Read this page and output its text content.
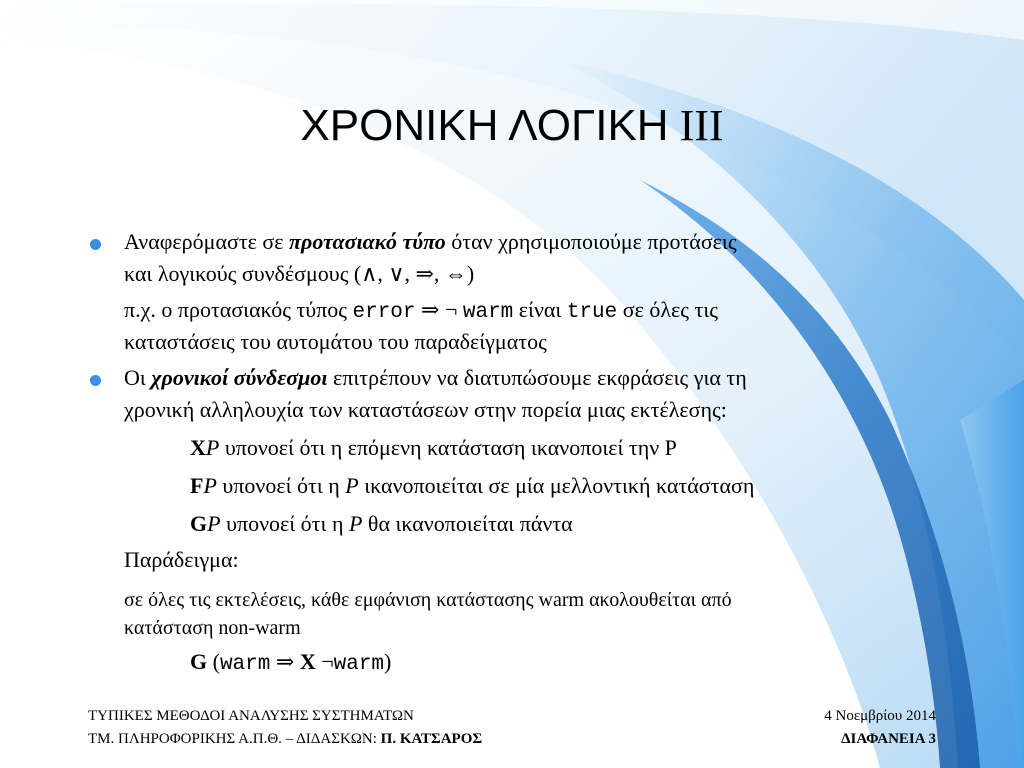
ΧΡΟΝΙΚΗ ΛΟΓΙΚΗ III
Αναφερόμαστε σε προτασιακό τύπο όταν χρησιμοποιούμε προτάσεις
και λογικούς συνδέσμους (∧, ∨, ⇒, ⇔)
π.χ. ο προτασιακός τύπος error ⇒ ¬ warm είναι true σε όλες τις
καταστάσεις του αυτομάτου του παραδείγματος
Οι χρονικοί σύνδεσμοι επιτρέπουν να διατυπώσουμε εκφράσεις για τη
χρονική αλληλουχία των καταστάσεων στην πορεία μιας εκτέλεσης:
XP υπονοεί ότι η επόμενη κατάσταση ικανοποιεί την P
FP υπονοεί ότι η P ικανοποιείται σε μία μελλοντική κατάσταση
GP υπονοεί ότι η P θα ικανοποιείται πάντα
Παράδειγμα:
σε όλες τις εκτελέσεις, κάθε εμφάνιση κατάστασης warm ακολουθείται από
κατάσταση non-warm
G (warm ⇒ X ¬warm)
ΤΥΠΙΚΕΣ ΜΕΘΟΔΟΙ ΑΝΑΛΥΣΗΣ ΣΥΣΤΗΜΑΤΩΝ
ΤΜ. ΠΛΗΡΟΦΟΡΙΚΗΣ Α.Π.Θ. – ΔΙΔΑΣΚΩΝ: Π. ΚΑΤΣΑΡΟΣ
4 Νοεμβρίου 2014
ΔΙΑΦΑΝΕΙΑ 3
